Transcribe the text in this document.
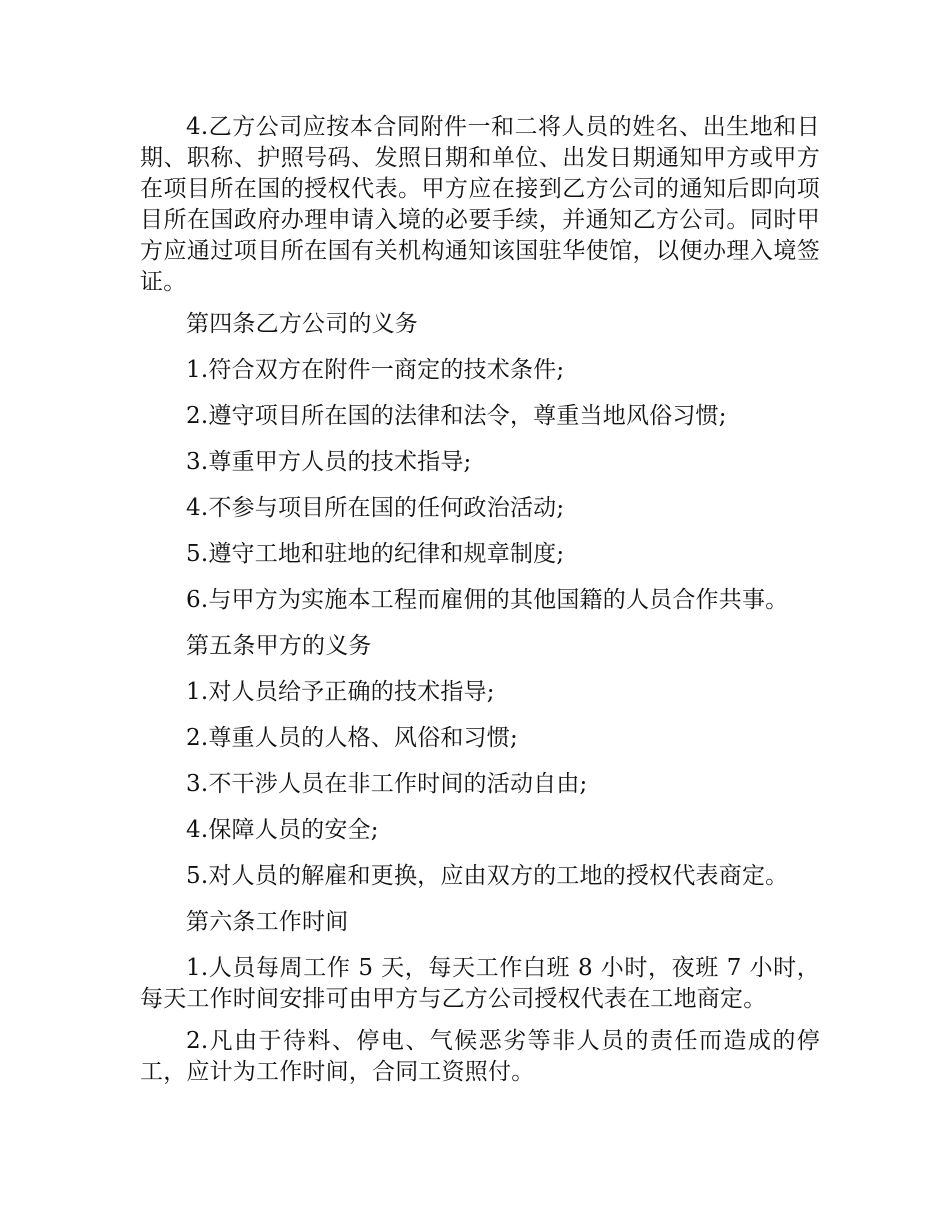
4.乙方公司应按本合同附件一和二将人员的姓名、出生地和日期、职称、护照号码、发照日期和单位、出发日期通知甲方或甲方在项目所在国的授权代表。甲方应在接到乙方公司的通知后即向项目所在国政府办理申请入境的必要手续，并通知乙方公司。同时甲方应通过项目所在国有关机构通知该国驻华使馆，以便办理入境签证。

第四条乙方公司的义务

1.符合双方在附件一商定的技术条件;

2.遵守项目所在国的法律和法令，尊重当地风俗习惯;

3.尊重甲方人员的技术指导;

4.不参与项目所在国的任何政治活动;

5.遵守工地和驻地的纪律和规章制度;

6.与甲方为实施本工程而雇佣的其他国籍的人员合作共事。

第五条甲方的义务

1.对人员给予正确的技术指导;

2.尊重人员的人格、风俗和习惯;

3.不干涉人员在非工作时间的活动自由;

4.保障人员的安全;

5.对人员的解雇和更换，应由双方的工地的授权代表商定。

第六条工作时间

1.人员每周工作 5 天，每天工作白班 8 小时，夜班 7 小时，每天工作时间安排可由甲方与乙方公司授权代表在工地商定。

2.凡由于待料、停电、气候恶劣等非人员的责任而造成的停工，应计为工作时间，合同工资照付。
